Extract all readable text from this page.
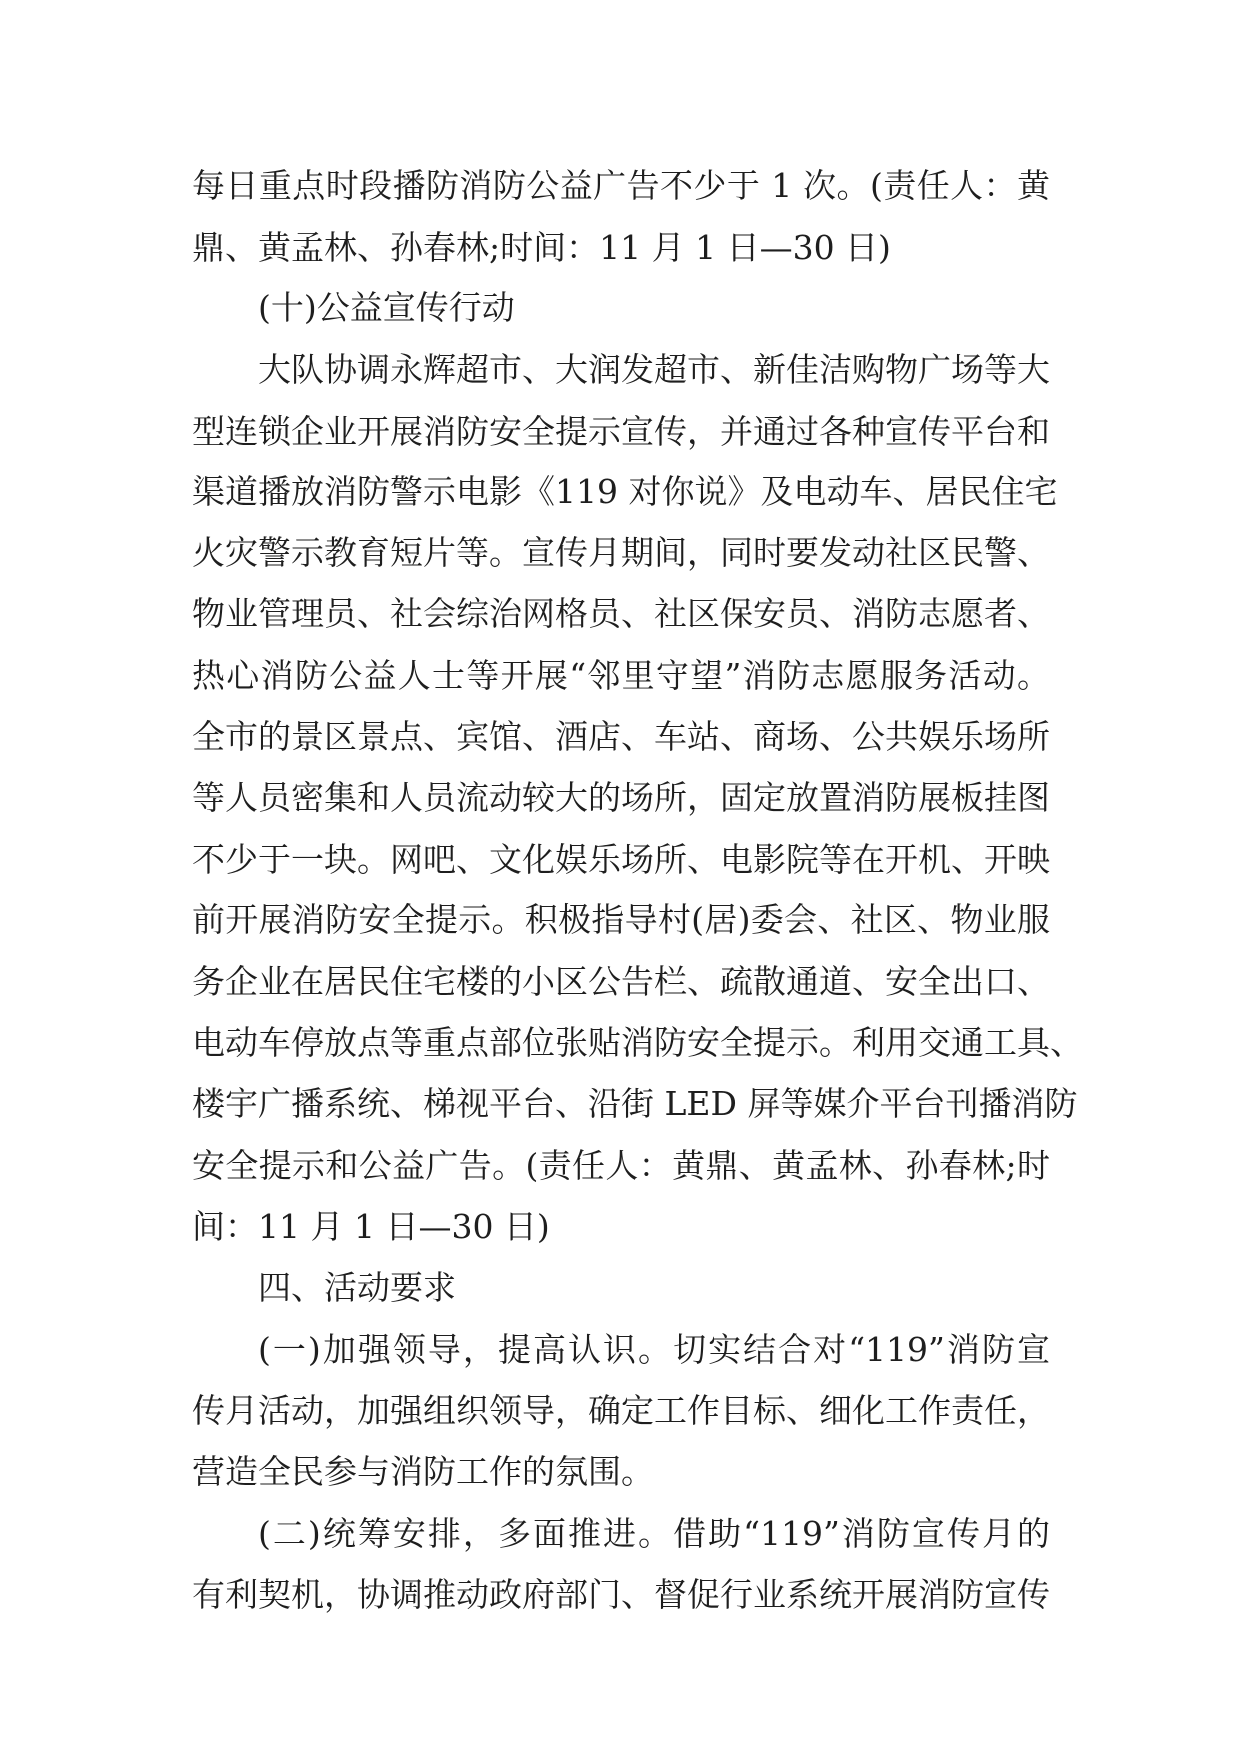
每日重点时段播防消防公益广告不少于 1 次。(责任人：黄
鼎、黄孟林、孙春林;时间：11 月 1 日—30 日)
(十)公益宣传行动
大队协调永辉超市、大润发超市、新佳洁购物广场等大
型连锁企业开展消防安全提示宣传，并通过各种宣传平台和
渠道播放消防警示电影《119 对你说》及电动车、居民住宅
火灾警示教育短片等。宣传月期间，同时要发动社区民警、
物业管理员、社会综治网格员、社区保安员、消防志愿者、
热心消防公益人士等开展“邻里守望”消防志愿服务活动。
全市的景区景点、宾馆、酒店、车站、商场、公共娱乐场所
等人员密集和人员流动较大的场所，固定放置消防展板挂图
不少于一块。网吧、文化娱乐场所、电影院等在开机、开映
前开展消防安全提示。积极指导村(居)委会、社区、物业服
务企业在居民住宅楼的小区公告栏、疏散通道、安全出口、
电动车停放点等重点部位张贴消防安全提示。利用交通工具、
楼宇广播系统、梯视平台、沿街 LED 屏等媒介平台刊播消防
安全提示和公益广告。(责任人：黄鼎、黄孟林、孙春林;时
间：11 月 1 日—30 日)
四、活动要求
(一)加强领导，提高认识。切实结合对“119”消防宣
传月活动，加强组织领导，确定工作目标、细化工作责任，
营造全民参与消防工作的氛围。
(二)统筹安排，多面推进。借助“119”消防宣传月的
有利契机，协调推动政府部门、督促行业系统开展消防宣传
